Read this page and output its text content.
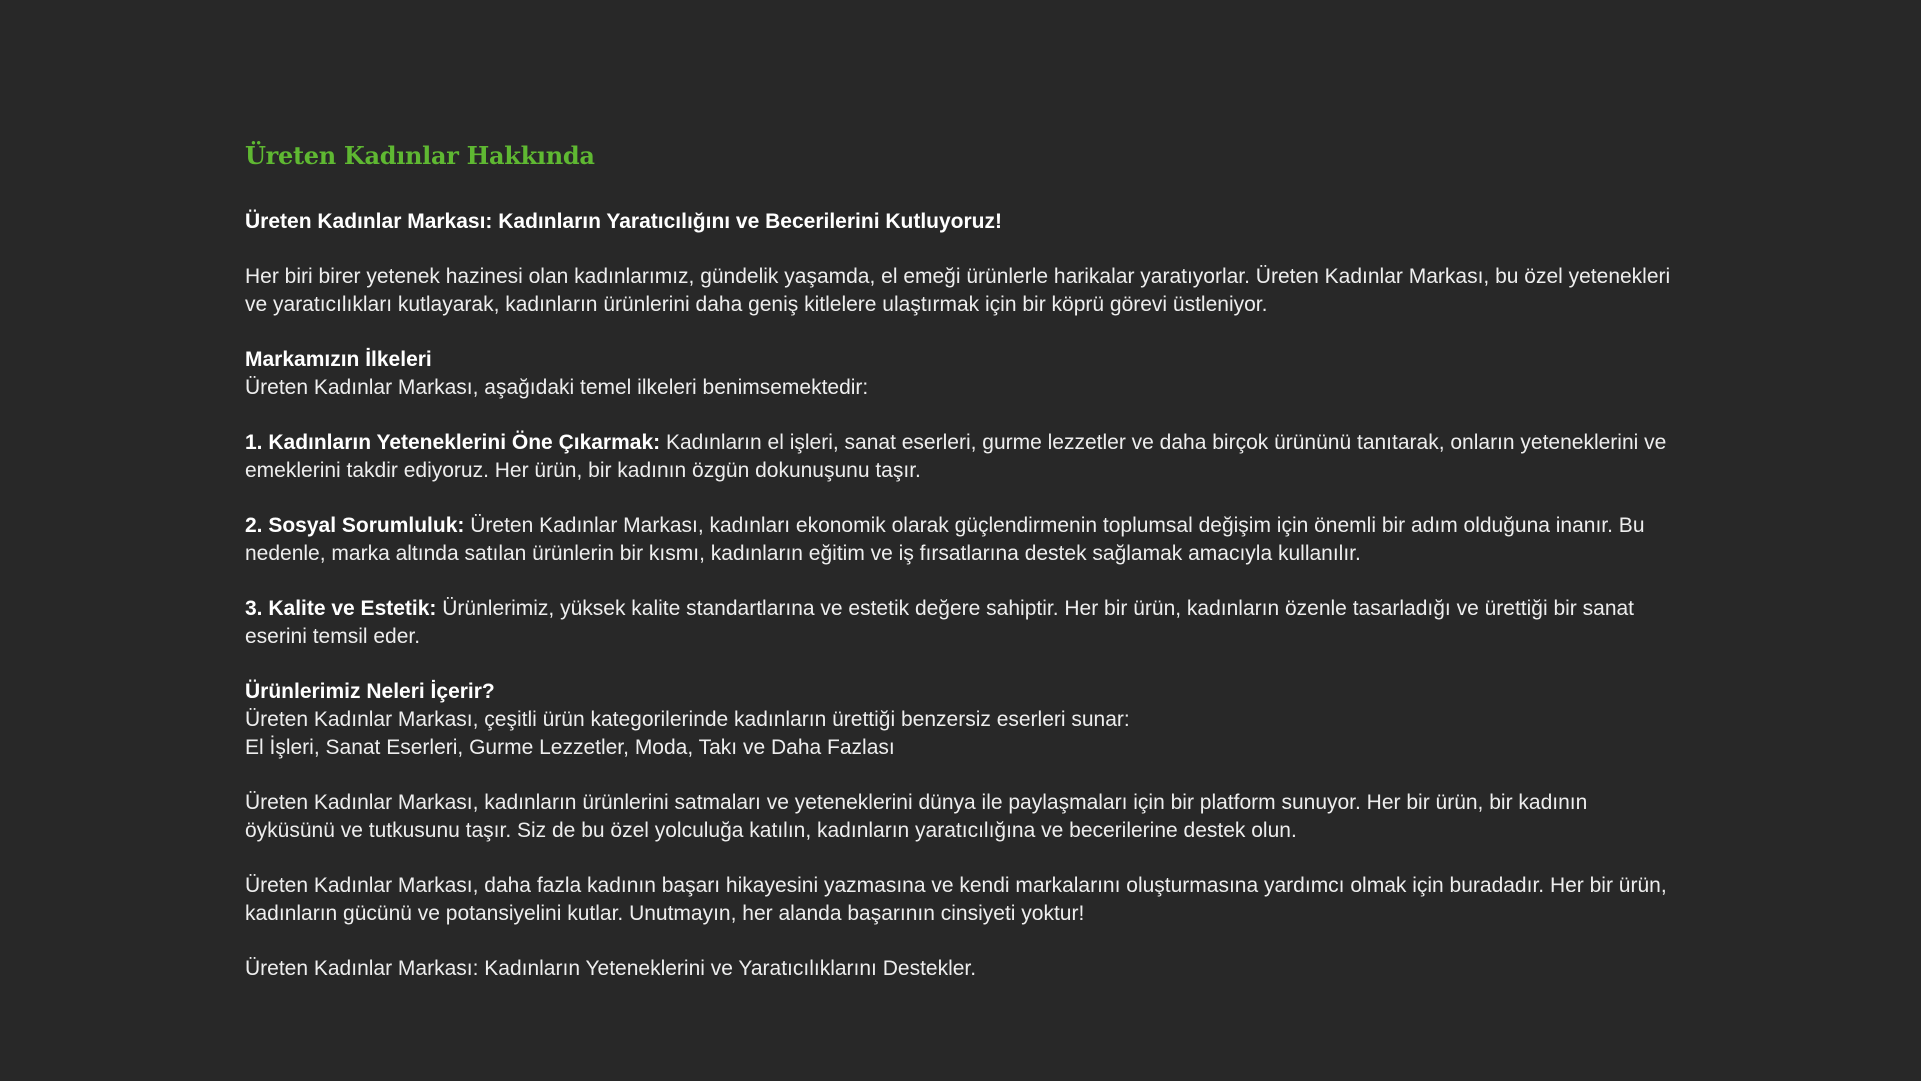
Üreten Kadınlar Hakkında

Üreten Kadınlar Markası: Kadınların Yaratıcılığını ve Becerilerini Kutluyoruz!

Her biri birer yetenek hazinesi olan kadınlarımız, gündelik yaşamda, el emeği ürünlerle harikalar yaratıyorlar. Üreten Kadınlar Markası, bu özel yetenekleri ve yaratıcılıkları kutlayarak, kadınların ürünlerini daha geniş kitlelere ulaştırmak için bir köprü görevi üstleniyor.

Markamızın İlkeleri
Üreten Kadınlar Markası, aşağıdaki temel ilkeleri benimsemektedir:

1. Kadınların Yeteneklerini Öne Çıkarmak: Kadınların el işleri, sanat eserleri, gurme lezzetler ve daha birçok ürününü tanıtarak, onların yeteneklerini ve emeklerini takdir ediyoruz. Her ürün, bir kadının özgün dokunuşunu taşır.

2. Sosyal Sorumluluk: Üreten Kadınlar Markası, kadınları ekonomik olarak güçlendirmenin toplumsal değişim için önemli bir adım olduğuna inanır. Bu nedenle, marka altında satılan ürünlerin bir kısmı, kadınların eğitim ve iş fırsatlarına destek sağlamak amacıyla kullanılır.

3. Kalite ve Estetik: Ürünlerimiz, yüksek kalite standartlarına ve estetik değere sahiptir. Her bir ürün, kadınların özenle tasarladığı ve ürettiği bir sanat eserini temsil eder.

Ürünlerimiz Neleri İçerir?
Üreten Kadınlar Markası, çeşitli ürün kategorilerinde kadınların ürettiği benzersiz eserleri sunar:
El İşleri, Sanat Eserleri, Gurme Lezzetler, Moda, Takı ve Daha Fazlası

Üreten Kadınlar Markası, kadınların ürünlerini satmaları ve yeteneklerini dünya ile paylaşmaları için bir platform sunuyor. Her bir ürün, bir kadının öyküsünü ve tutkusunu taşır. Siz de bu özel yolculuğa katılın, kadınların yaratıcılığına ve becerilerine destek olun.

Üreten Kadınlar Markası, daha fazla kadının başarı hikayesini yazmasına ve kendi markalarını oluşturmasına yardımcı olmak için buradadır. Her bir ürün, kadınların gücünü ve potansiyelini kutlar. Unutmayın, her alanda başarının cinsiyeti yoktur!

Üreten Kadınlar Markası: Kadınların Yeteneklerini ve Yaratıcılıklarını Destekler.
